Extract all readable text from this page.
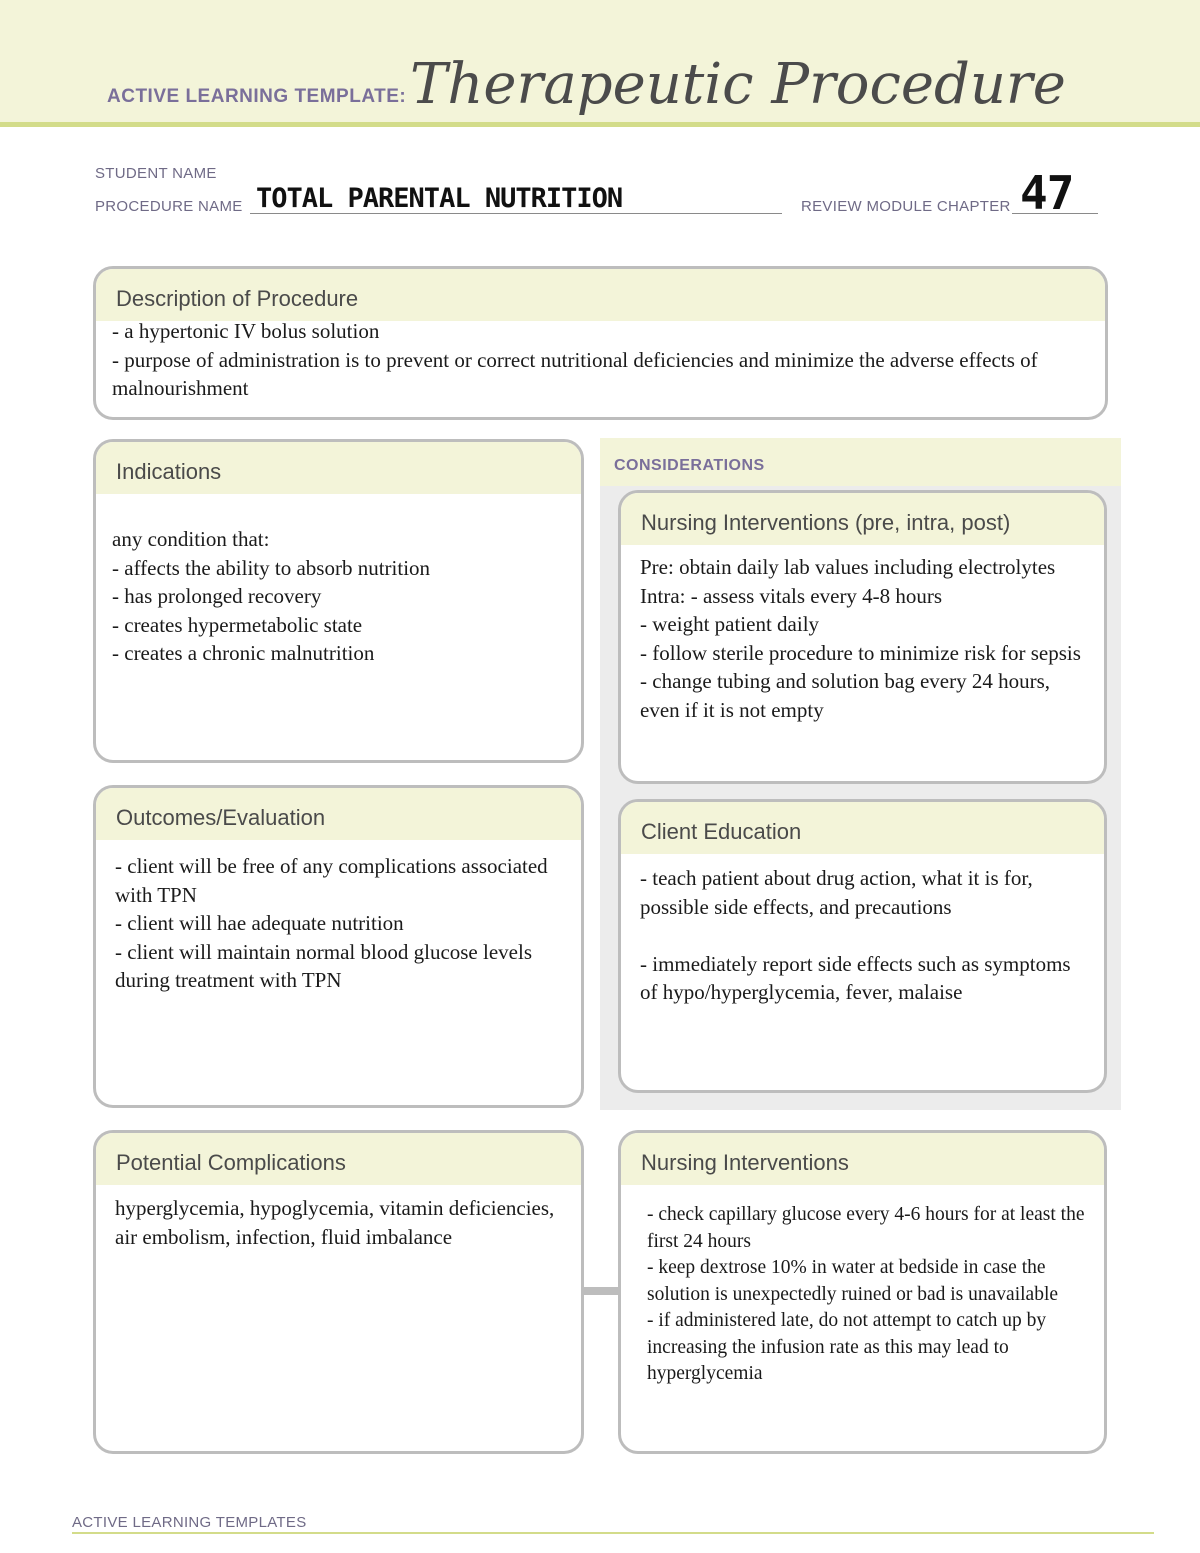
ACTIVE LEARNING TEMPLATE: Therapeutic Procedure
STUDENT NAME
PROCEDURE NAME TOTAL PARENTAL NUTRITION	REVIEW MODULE CHAPTER 47
Description of Procedure
- a hypertonic IV bolus solution
- purpose of administration is to prevent or correct nutritional deficiencies and minimize the adverse effects of malnourishment
CONSIDERATIONS
Indications
any condition that:
- affects the ability to absorb nutrition
- has prolonged recovery
- creates hypermetabolic state
- creates a chronic malnutrition
Nursing Interventions (pre, intra, post)
Pre: obtain daily lab values including electrolytes
Intra: - assess vitals every 4-8 hours
- weight patient daily
- follow sterile procedure to minimize risk for sepsis
- change tubing and solution bag every 24 hours, even if it is not empty
Outcomes/Evaluation
- client will be free of any complications associated with TPN
- client will hae adequate nutrition
- client will maintain normal blood glucose levels during treatment with TPN
Client Education
- teach patient about drug action, what it is for, possible side effects, and precautions

- immediately report side effects such as symptoms of hypo/hyperglycemia, fever, malaise
Potential Complications
hyperglycemia, hypoglycemia, vitamin deficiencies, air embolism, infection, fluid imbalance
Nursing Interventions
- check capillary glucose every 4-6 hours for at least the first 24 hours
- keep dextrose 10% in water at bedside in case the solution is unexpectedly ruined or bad is unavailable
- if administered late, do not attempt to catch up by increasing the infusion rate as this may lead to hyperglycemia
ACTIVE LEARNING TEMPLATES
